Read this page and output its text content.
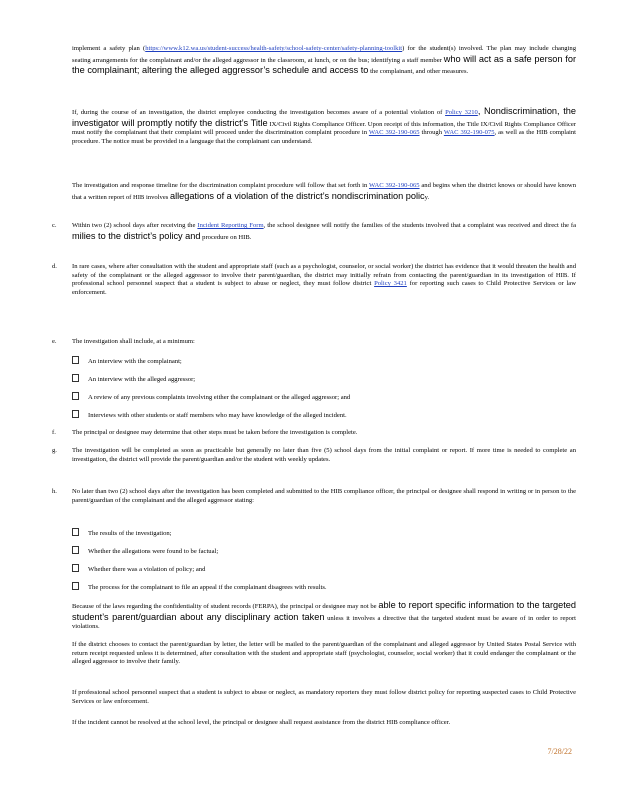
implement a safety plan (https://www.k12.wa.us/student-success/health-safety/school-safety-center/safety-planning-toolkit) for the student(s) involved. The plan may include changing seating arrangements for the complainant and/or the alleged aggressor in the classroom, at lunch, or on the bus; identifying a staff member who will act as a safe person for the complainant; altering the alleged aggressor’s schedule and access to the complainant, and other measures.
If, during the course of an investigation, the district employee conducting the investigation becomes aware of a potential violation of Policy 3210, Nondiscrimination, the investigator will promptly notify the district’s Title IX/Civil Rights Compliance Officer. Upon receipt of this information, the Title IX/Civil Rights Compliance Officer must notify the complainant that their complaint will proceed under the discrimination complaint procedure in WAC 392-190-065 through WAC 392-190-075, as well as the HIB complaint procedure. The notice must be provided in a language that the complainant can understand.
The investigation and response timeline for the discrimination complaint procedure will follow that set forth in WAC 392-190-065 and begins when the district knows or should have known that a written report of HIB involves allegations of a violation of the district’s nondiscrimination policy.
c. Within two (2) school days after receiving the Incident Reporting Form, the school designee will notify the families of the students involved that a complaint was received and direct the fa milies to the district’s policy and procedure on HIB.
d. In rare cases, where after consultation with the student and appropriate staff (such as a psychologist, counselor, or social worker) the district has evidence that it would threaten the health and safety of the complainant or the alleged aggressor to involve their parent/guardian, the district may initially refrain from contacting the parent/guardian in its investigation of HIB. If professional school personnel suspect that a student is subject to abuse or neglect, they must follow district Policy 3421 for reporting such cases to Child Protective Services or law enforcement.
e. The investigation shall include, at a minimum:
An interview with the complainant;
An interview with the alleged aggressor;
A review of any previous complaints involving either the complainant or the alleged aggressor; and
Interviews with other students or staff members who may have knowledge of the alleged incident.
f. The principal or designee may determine that other steps must be taken before the investigation is complete.
g. The investigation will be completed as soon as practicable but generally no later than five (5) school days from the initial complaint or report. If more time is needed to complete an investigation, the district will provide the parent/guardian and/or the student with weekly updates.
h. No later than two (2) school days after the investigation has been completed and submitted to the HIB compliance officer, the principal or designee shall respond in writing or in person to the parent/guardian of the complainant and the alleged aggressor stating:
The results of the investigation;
Whether the allegations were found to be factual;
Whether there was a violation of policy; and
The process for the complainant to file an appeal if the complainant disagrees with results.
Because of the laws regarding the confidentiality of student records (FERPA), the principal or designee may not be able to report specific information to the targeted student’s parent/guardian about any disciplinary action taken unless it involves a directive that the targeted student must be aware of in order to report violations.
If the district chooses to contact the parent/guardian by letter, the letter will be mailed to the parent/guardian of the complainant and alleged aggressor by United States Postal Service with return receipt requested unless it is determined, after consultation with the student and appropriate staff (psychologist, counselor, social worker) that it could endanger the complainant or the alleged aggressor to involve their family.
If professional school personnel suspect that a student is subject to abuse or neglect, as mandatory reporters they must follow district policy for reporting suspected cases to Child Protective Services or law enforcement.
If the incident cannot be resolved at the school level, the principal or designee shall request assistance from the district HIB compliance officer.
7/28/22
